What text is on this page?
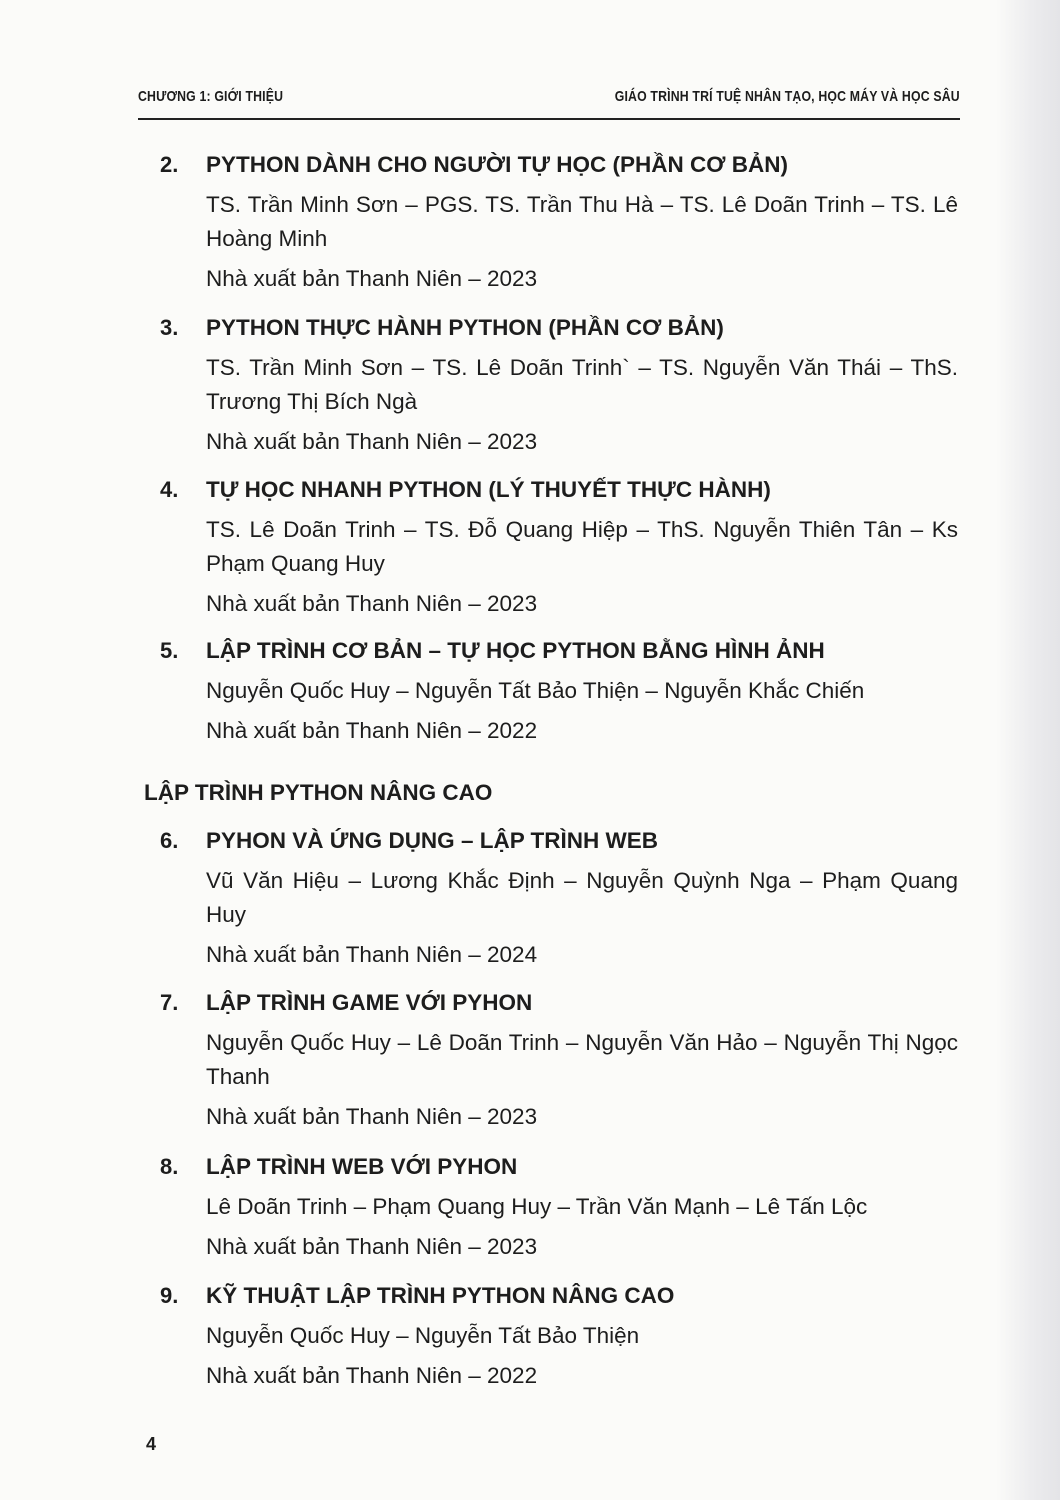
CHƯƠNG 1: GIỚI THIỆU	GIÁO TRÌNH TRÍ TUỆ NHÂN TẠO, HỌC MÁY VÀ HỌC SÂU
2. PYTHON DÀNH CHO NGƯỜI TỰ HỌC (PHẦN CƠ BẢN)
TS. Trần Minh Sơn – PGS. TS. Trần Thu Hà – TS. Lê Doãn Trinh – TS. Lê Hoàng Minh
Nhà xuất bản Thanh Niên – 2023
3. PYTHON THỰC HÀNH PYTHON (PHẦN CƠ BẢN)
TS. Trần Minh Sơn – TS. Lê Doãn Trinh` – TS. Nguyễn Văn Thái – ThS. Trương Thị Bích Ngà
Nhà xuất bản Thanh Niên – 2023
4. TỰ HỌC NHANH PYTHON (LÝ THUYẾT THỰC HÀNH)
TS. Lê Doãn Trinh – TS. Đỗ Quang Hiệp – ThS. Nguyễn Thiên Tân – Ks Phạm Quang Huy
Nhà xuất bản Thanh Niên – 2023
5. LẬP TRÌNH CƠ BẢN – TỰ HỌC PYTHON BẰNG HÌNH ẢNH
Nguyễn Quốc Huy – Nguyễn Tất Bảo Thiện – Nguyễn Khắc Chiến
Nhà xuất bản Thanh Niên – 2022
LẬP TRÌNH PYTHON NÂNG CAO
6. PYHON VÀ ỨNG DỤNG – LẬP TRÌNH WEB
Vũ Văn Hiệu – Lương Khắc Định – Nguyễn Quỳnh Nga – Phạm Quang Huy
Nhà xuất bản Thanh Niên – 2024
7. LẬP TRÌNH GAME VỚI PYHON
Nguyễn Quốc Huy – Lê Doãn Trinh – Nguyễn Văn Hảo – Nguyễn Thị Ngọc Thanh
Nhà xuất bản Thanh Niên – 2023
8. LẬP TRÌNH WEB VỚI PYHON
Lê Doãn Trinh – Phạm Quang Huy – Trần Văn Mạnh – Lê Tấn Lộc
Nhà xuất bản Thanh Niên – 2023
9. KỸ THUẬT LẬP TRÌNH PYTHON NÂNG CAO
Nguyễn Quốc Huy – Nguyễn Tất Bảo Thiện
Nhà xuất bản Thanh Niên – 2022
4
